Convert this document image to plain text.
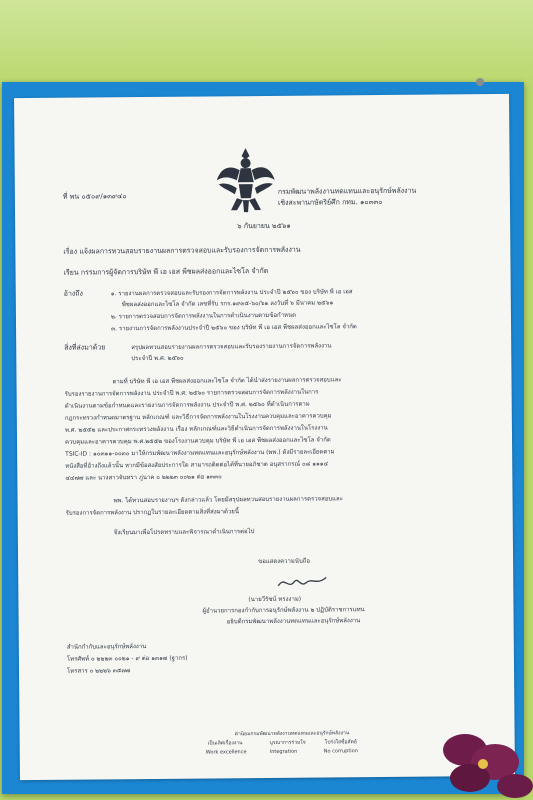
ที่ พน ๐๕๐๙/๑๓๙๔๐
กรมพัฒนาพลังงานทดแทนและอนุรักษ์พลังงาน
เชิงสะพานกษัตริย์ศึก กทม. ๑๐๓๓๐
๖ กันยายน ๒๕๖๑
เรื่อง แจ้งผลการทวนสอบรายงานผลการตรวจสอบและรับรองการจัดการพลังงาน
เรียน กรรมการผู้จัดการบริษัท พี เอ เอส พืชผลส่งออกและไซโล จำกัด
อ้างถึง	๑. รายงานผลการตรวจสอบและรับรองการจัดการพลังงาน ประจำปี ๒๕๖๐ ของ บริษัท พี เอ เอส
พืชผลส่งออกและไซโล จำกัด เลขที่รับ รกร.๑๙๓๕-๖๐/๖๑ ลงวันที่ ๖ มีนาคม ๒๕๖๑
๒. รายการตรวจสอบการจัดการพลังงานในการดำเนินงานตามข้อกำหนด
๓. รายงานการจัดการพลังงานประจำปี ๒๕๖๐ ของ บริษัท พี เอ เอส พืชผลส่งออกและไซโล จำกัด
สิ่งที่ส่งมาด้วย	สรุปผลทวนสอบรายงานผลการตรวจสอบและรับรองรายงานการจัดการพลังงาน
ประจำปี พ.ศ. ๒๕๖๐
ตามที่ บริษัท พี เอ เอส พืชผลส่งออกและไซโล จำกัด ได้นำส่งรายงานผลการตรวจสอบและ
รับรองรายงานการจัดการพลังงาน ประจำปี พ.ศ. ๒๕๖๐ รายการตรวจสอบการจัดการพลังงานในการ
ดำเนินงานตามข้อกำหนดและรายงานการจัดการพลังงาน ประจำปี พ.ศ. ๒๕๖๐ ที่ดำเนินการตาม
กฎกระทรวงกำหนดมาตรฐาน หลักเกณฑ์ และวิธีการจัดการพลังงานในโรงงานควบคุมและอาคารควบคุม
พ.ศ. ๒๕๕๒ และประกาศกระทรวงพลังงาน เรื่อง หลักเกณฑ์และวิธีดำเนินการจัดการพลังงานในโรงงาน
ควบคุมและอาคารควบคุม พ.ศ.๒๕๕๒ ของโรงงานควบคุม บริษัท พี เอ เอส พืชผลส่งออกและไซโล จำกัด
TSIC-ID : ๑๐๓๑๑-๐๐๓๐ มาให้กรมพัฒนาพลังงานทดแทนและอนุรักษ์พลังงาน (พพ.) ดังมีรายละเอียดตาม
หนังสือที่อ้างถึงแล้วนั้น หากมีข้อสงสัยประการใด สามารถติดต่อได้ที่นายอภิชาต อนุสรากรณ์ ๐๘ ๑๑๑๔
๔๔๗๗ และ นางสาวจันทรา ภู่นาค ๐ ๒๒๒๓ ๐๐๒๑ ต่อ ๑๓๓๐
พพ. ได้ทวนสอบรายงานฯ ดังกล่าวแล้ว โดยมีสรุปผลทวนสอบรายงานผลการตรวจสอบและ
รับรองการจัดการพลังงาน ปรากฏในรายละเอียดตามสิ่งที่ส่งมาด้วยนี้
จึงเรียนมาเพื่อโปรดทราบและพิจารณาดำเนินการต่อไป
ขอแสดงความนับถือ
(นายวีรัชน์ ทรงงาม)
ผู้อำนวยการกองกำกับการอนุรักษ์พลังงาน ๒ ปฏิบัติราชการแทน
อธิบดีกรมพัฒนาพลังงานทดแทนและอนุรักษ์พลังงาน
สำนักกำกับและอนุรักษ์พลังงาน
โทรศัพท์ ๐ ๒๒๒๓ ๐๐๒๑ - ๙ ต่อ ๑๓๑๗ (ฐากร)
โทรสาร ๐ ๒๒๒๖ ๓๕๗๗
ค่านิยมกรมพัฒนาพลังงานทดแทนและอนุรักษ์พลังงาน
เป็นเลิศเรื่องงาน	บูรณาการร่วมใจ	โปร่งใสซื่อสัตย์
Work excellence	Integration	No corruption
